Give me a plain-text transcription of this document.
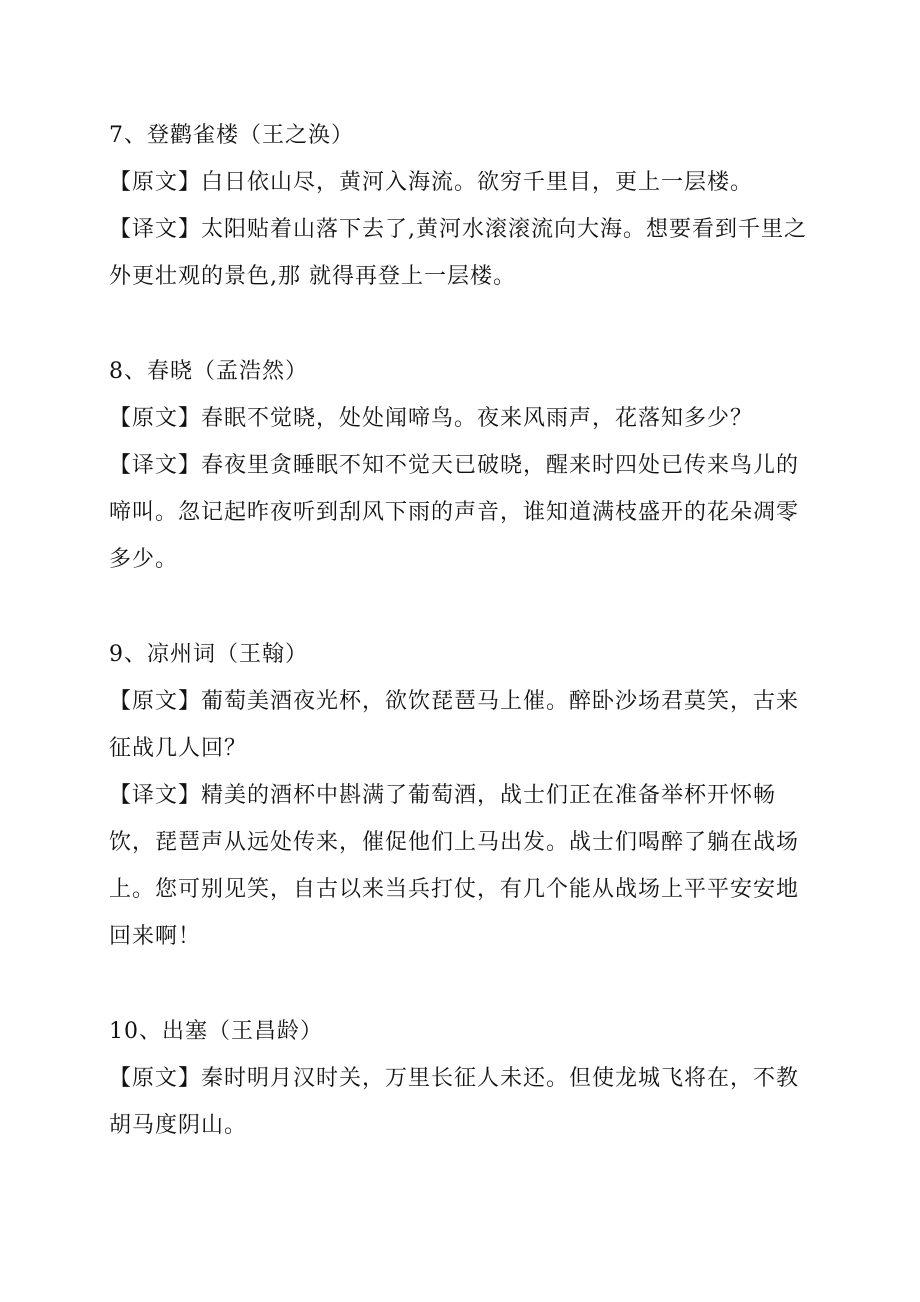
7、登鹳雀楼（王之涣）

【原文】白日依山尽，黄河入海流。欲穷千里目，更上一层楼。

【译文】太阳贴着山落下去了,黄河水滚滚流向大海。想要看到千里之外更壮观的景色,那 就得再登上一层楼。

8、春晓（孟浩然）

【原文】春眠不觉晓，处处闻啼鸟。夜来风雨声，花落知多少？

【译文】春夜里贪睡眠不知不觉天已破晓，醒来时四处已传来鸟儿的啼叫。忽记起昨夜听到刮风下雨的声音，谁知道满枝盛开的花朵凋零多少。

9、凉州词（王翰）

【原文】葡萄美酒夜光杯，欲饮琵琶马上催。醉卧沙场君莫笑，古来征战几人回？

【译文】精美的酒杯中斟满了葡萄酒，战士们正在准备举杯开怀畅饮，琵琶声从远处传来，催促他们上马出发。战士们喝醉了躺在战场上。您可别见笑，自古以来当兵打仗，有几个能从战场上平平安安地回来啊！

10、出塞（王昌龄）

【原文】秦时明月汉时关，万里长征人未还。但使龙城飞将在，不教胡马度阴山。
